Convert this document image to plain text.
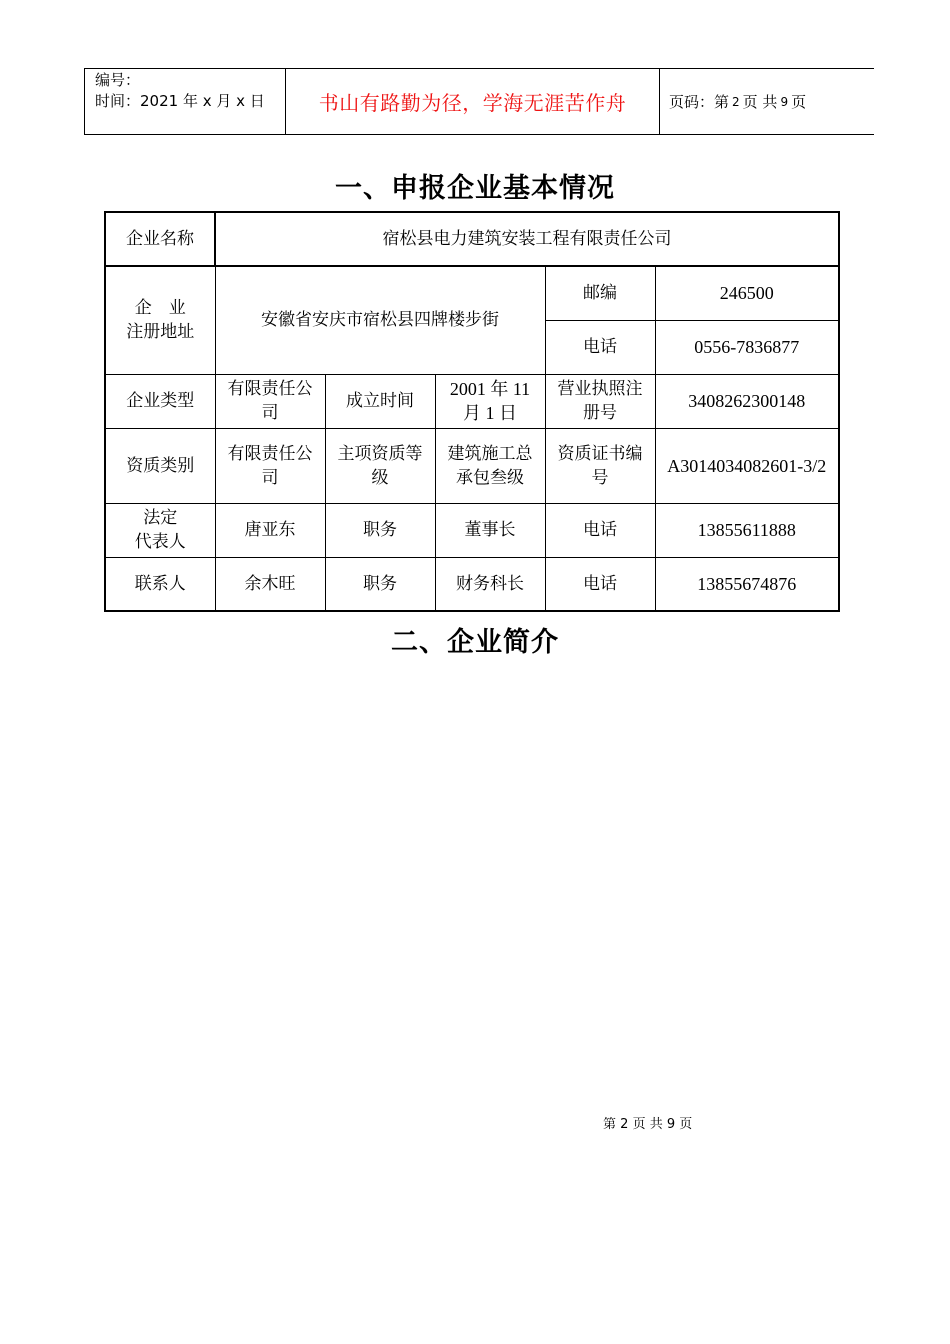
编号：
时间：2021 年 x 月 x 日	书山有路勤为径，学海无涯苦作舟	页码：第 2 页 共 9 页
一、申报企业基本情况
企业名称	宿松县电力建筑安装工程有限责任公司				

企　业
注册地址	安徽省安庆市宿松县四牌楼步街			邮编	246500
				电话	0556-7836877
企业类型	有限责任公司	成立时间	2001 年 11 月 1 日	营业执照注册号	3408262300148
资质类别	有限责任公司	主项资质等级	建筑施工总承包叁级	资质证书编号	A3014034082601-3/2

法定
代表人	唐亚东	职务	董事长	电话	13855611888
联系人	余木旺	职务	财务科长	电话	13855674876
二、企业简介
第 2 页 共 9 页
